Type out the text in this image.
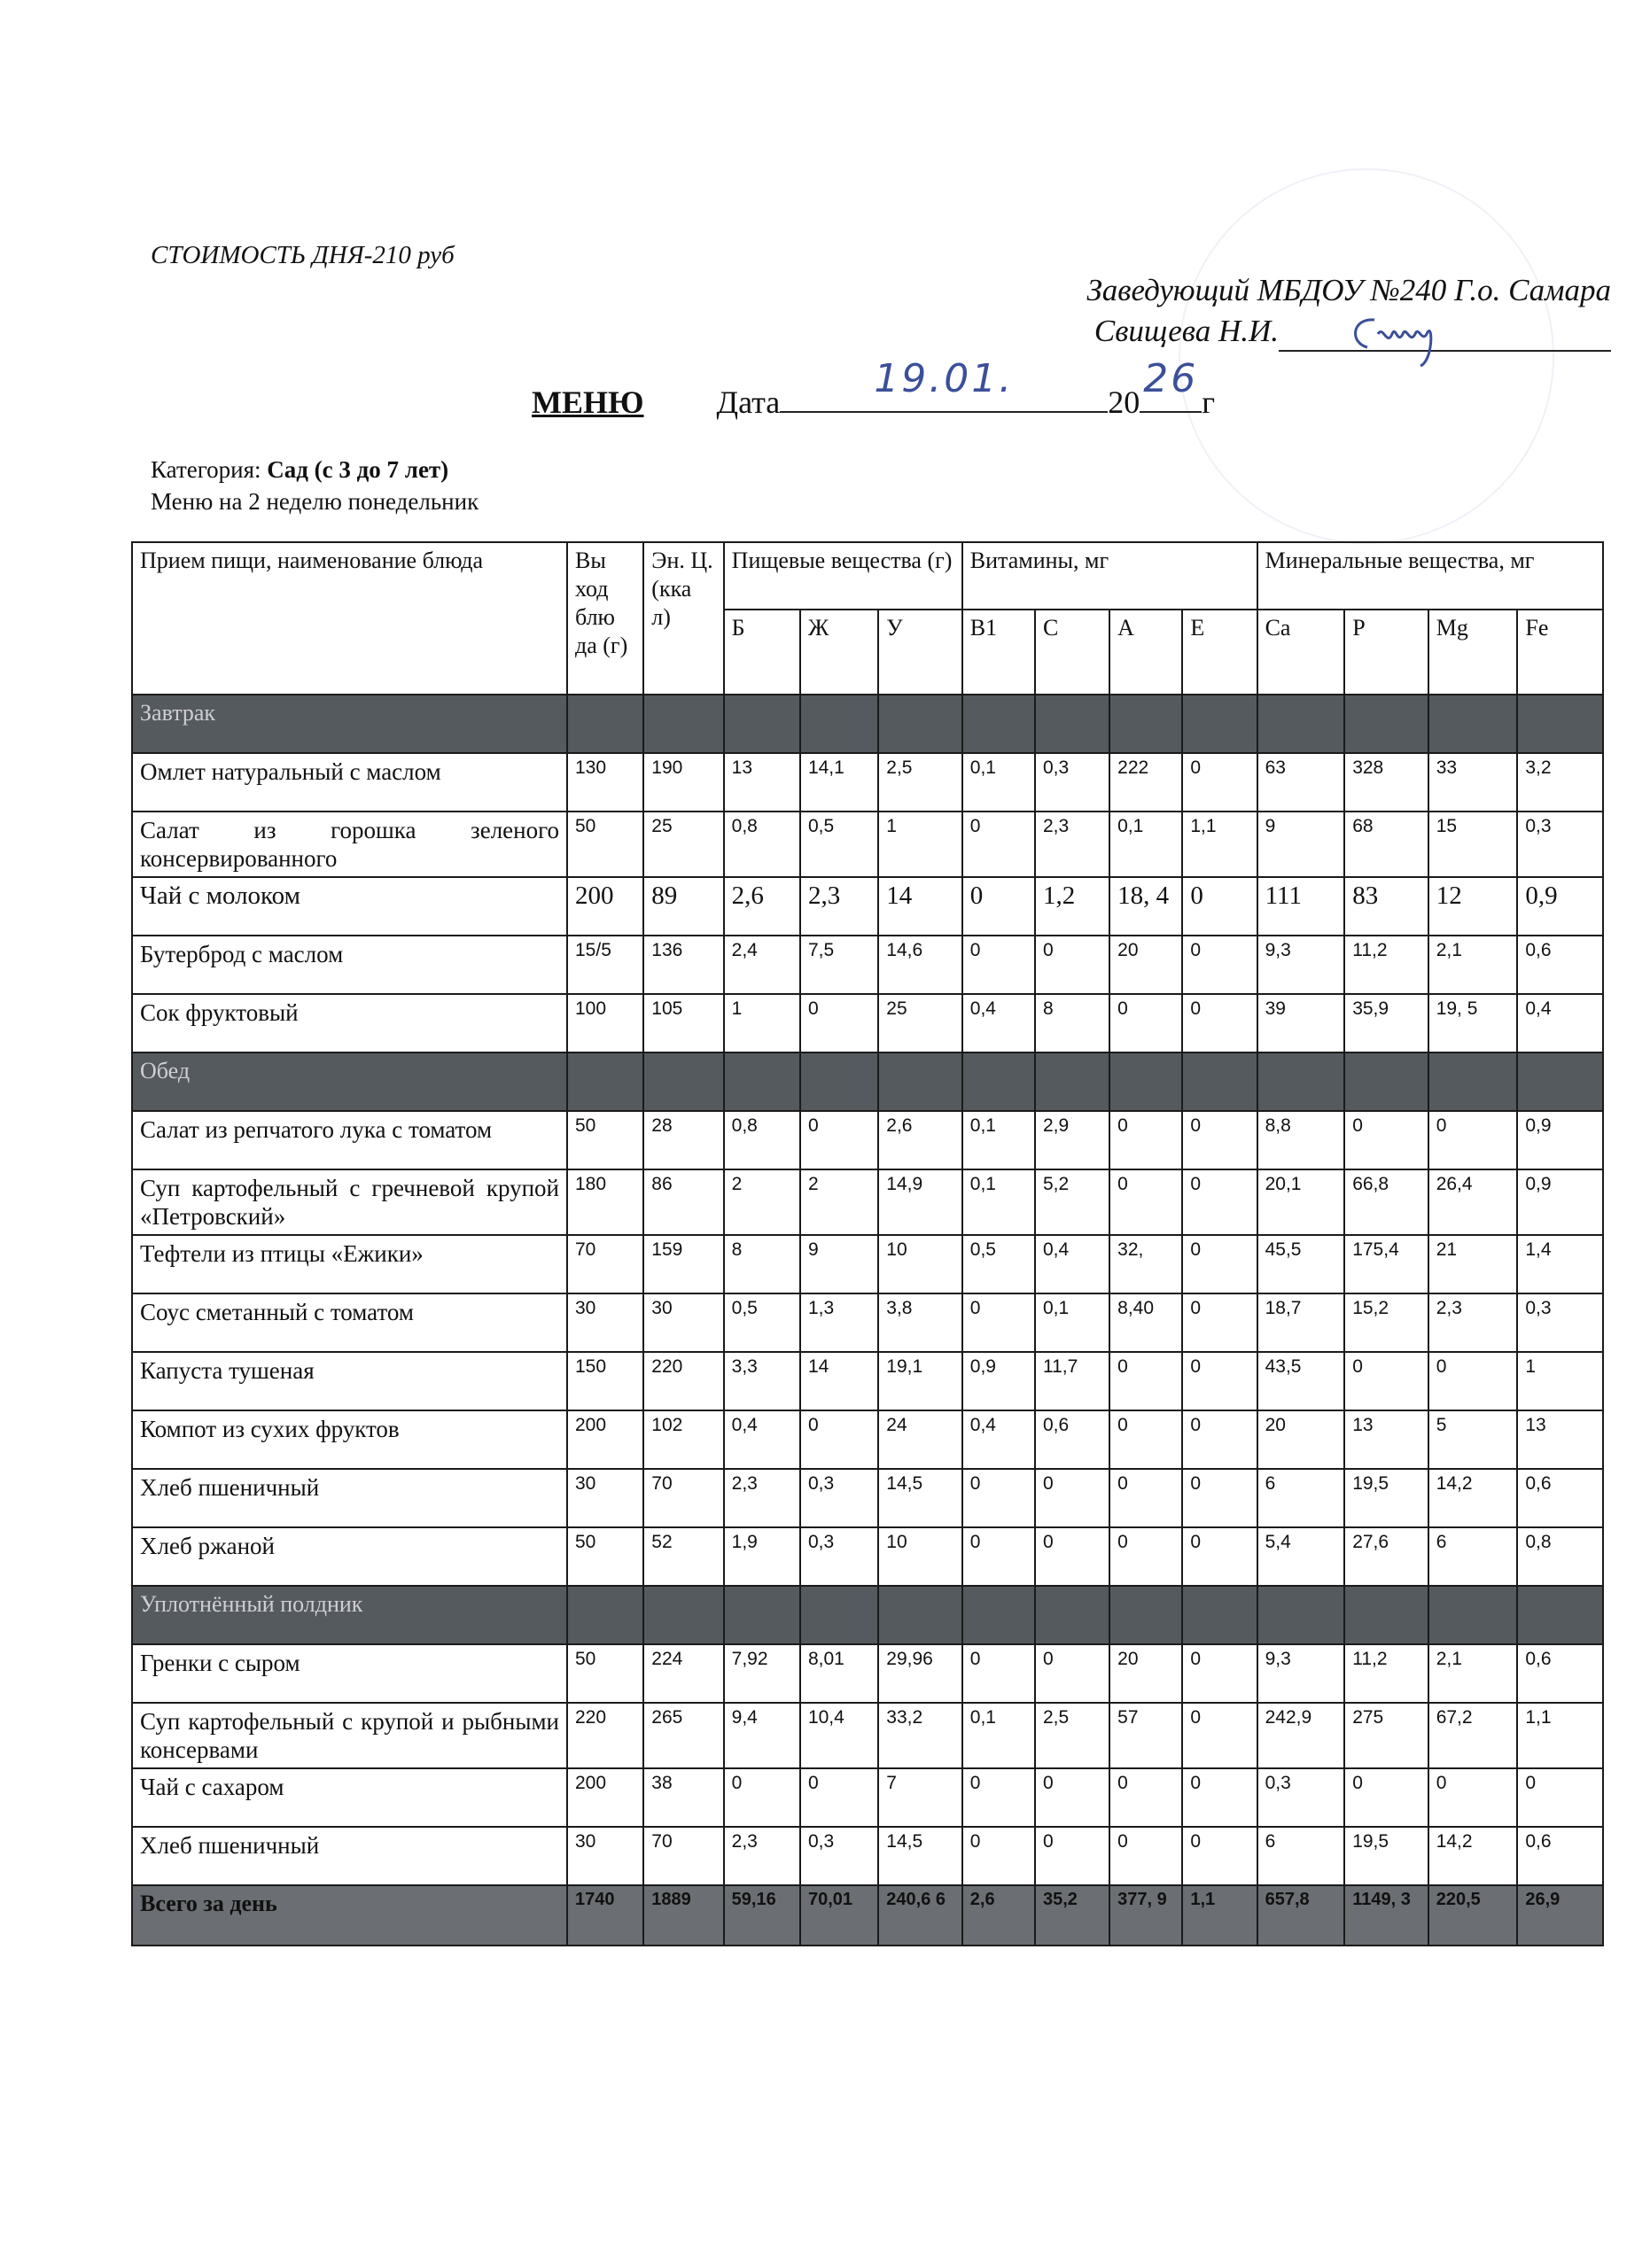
СТОИМОСТЬ ДНЯ-210 руб
Заведующий МБДОУ №240 Г.о. Самара
Свищева Н.И.
МЕНЮ Дата
19.01.
20
26
г
Категория: Сад (с 3 до 7 лет)
Меню на 2 неделю понедельник
Прием пищи, наименование блюда	Вы ход блю да (г)	Эн. Ц. (кка л)	Пищевые вещества (г)			Витамины, мг				Минеральные вещества, мг			
			Б	Ж	У	B1	C	A	E	Ca	P	Mg	Fe
Завтрак													
Омлет натуральный с маслом	130	190	13	14,1	2,5	0,1	0,3	222	0	63	328	33	3,2
Салат из горошка зеленого консервированного	50	25	0,8	0,5	1	0	2,3	0,1	1,1	9	68	15	0,3
Чай с молоком	200	89	2,6	2,3	14	0	1,2	18, 4	0	111	83	12	0,9
Бутерброд с маслом	15/5	136	2,4	7,5	14,6	0	0	20	0	9,3	11,2	2,1	0,6
Сок фруктовый	100	105	1	0	25	0,4	8	0	0	39	35,9	19, 5	0,4
Обед													
Салат из репчатого лука с томатом	50	28	0,8	0	2,6	0,1	2,9	0	0	8,8	0	0	0,9
Суп картофельный с гречневой крупой «Петровский»	180	86	2	2	14,9	0,1	5,2	0	0	20,1	66,8	26,4	0,9
Тефтели из птицы «Ежики»	70	159	8	9	10	0,5	0,4	32,	0	45,5	175,4	21	1,4
Соус сметанный с томатом	30	30	0,5	1,3	3,8	0	0,1	8,40	0	18,7	15,2	2,3	0,3
Капуста тушеная	150	220	3,3	14	19,1	0,9	11,7	0	0	43,5	0	0	1
Компот из сухих фруктов	200	102	0,4	0	24	0,4	0,6	0	0	20	13	5	13
Хлеб пшеничный	30	70	2,3	0,3	14,5	0	0	0	0	6	19,5	14,2	0,6
Хлеб ржаной	50	52	1,9	0,3	10	0	0	0	0	5,4	27,6	6	0,8
Уплотнённый полдник													
Гренки с сыром	50	224	7,92	8,01	29,96	0	0	20	0	9,3	11,2	2,1	0,6
Суп картофельный с крупой и рыбными консервами	220	265	9,4	10,4	33,2	0,1	2,5	57	0	242,9	275	67,2	1,1
Чай с сахаром	200	38	0	0	7	0	0	0	0	0,3	0	0	0
Хлеб пшеничный	30	70	2,3	0,3	14,5	0	0	0	0	6	19,5	14,2	0,6
Всего за день	1740	1889	59,16	70,01	240,6 6	2,6	35,2	377, 9	1,1	657,8	1149, 3	220,5	26,9
